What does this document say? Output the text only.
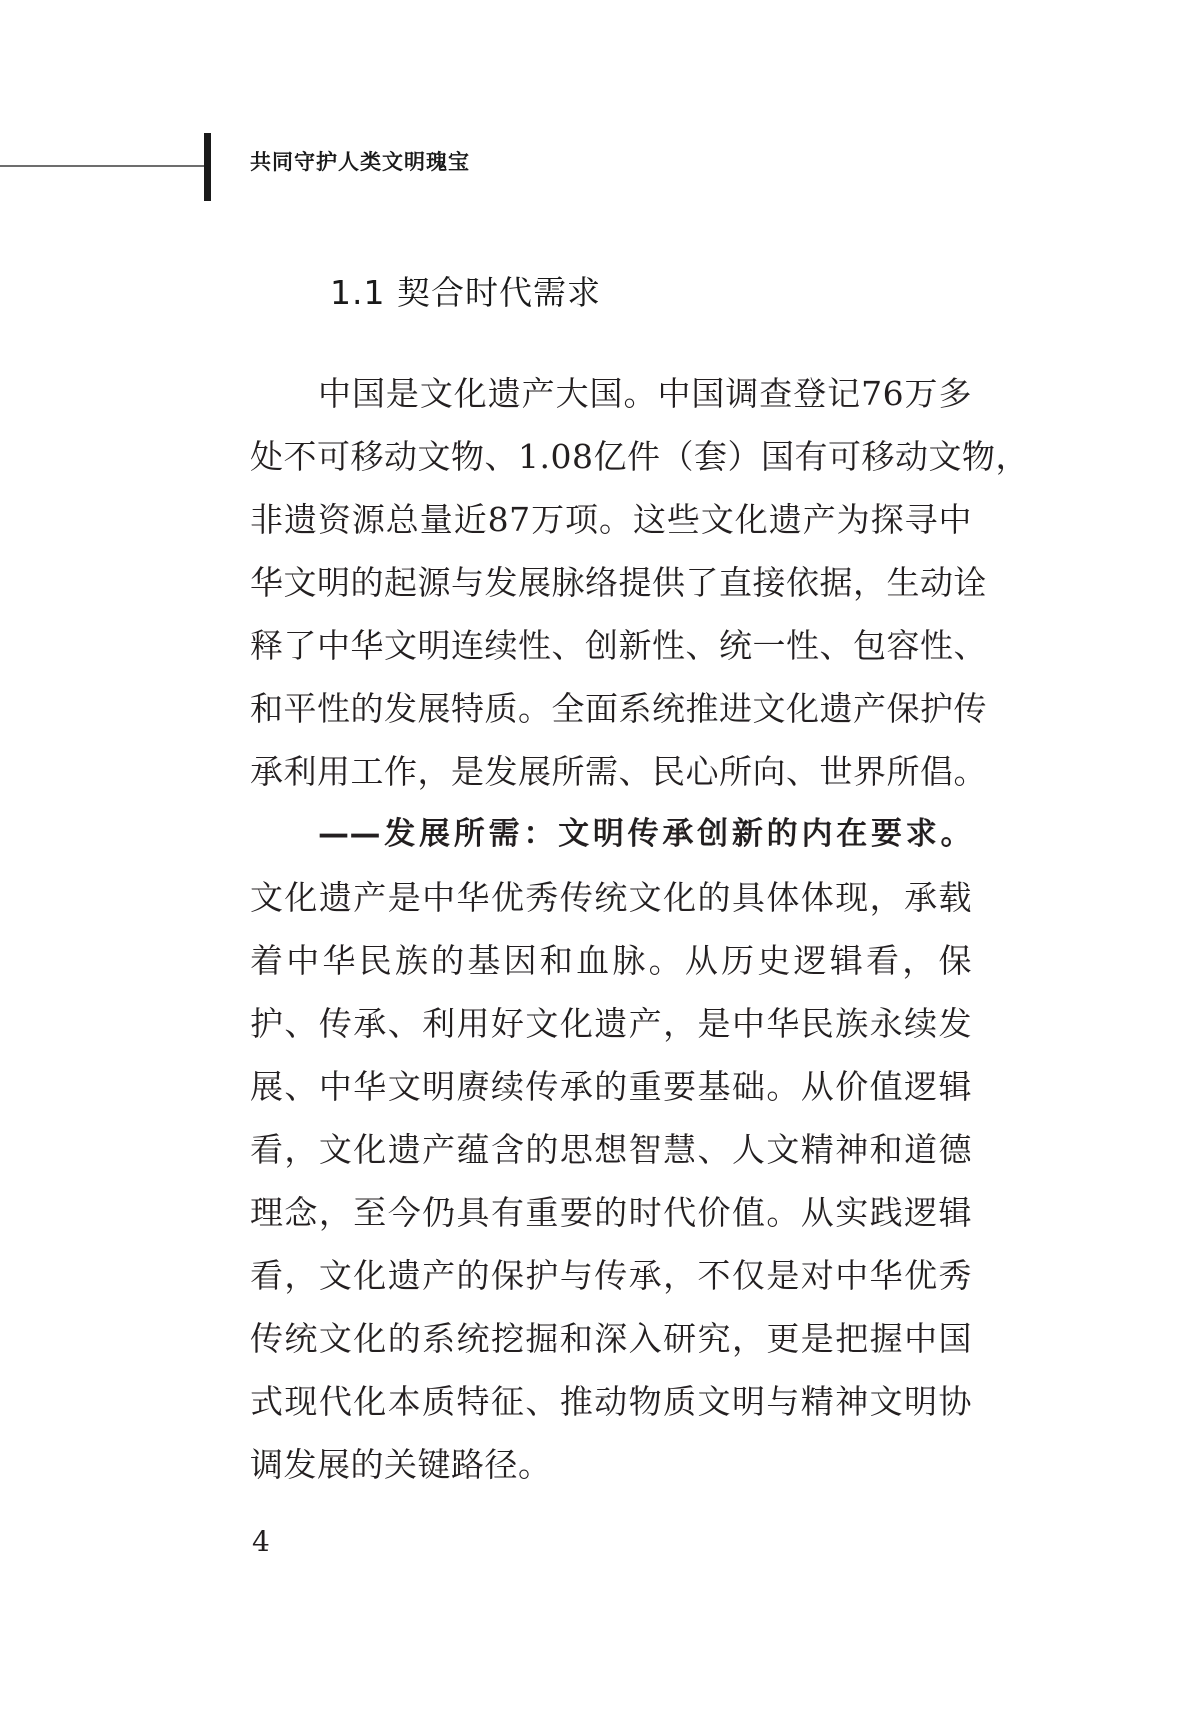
共同守护人类文明瑰宝
1.1 契合时代需求
中国是文化遗产大国。中国调查登记76万多
处不可移动文物、1.08亿件（套）国有可移动文物，
非遗资源总量近87万项。这些文化遗产为探寻中
华文明的起源与发展脉络提供了直接依据，生动诠
释了中华文明连续性、创新性、统一性、包容性、
和平性的发展特质。全面系统推进文化遗产保护传
承利用工作，是发展所需、民心所向、世界所倡。
——发展所需：文明传承创新的内在要求。
文化遗产是中华优秀传统文化的具体体现，承载
着中华民族的基因和血脉。从历史逻辑看，保
护、传承、利用好文化遗产，是中华民族永续发
展、中华文明赓续传承的重要基础。从价值逻辑
看，文化遗产蕴含的思想智慧、人文精神和道德
理念，至今仍具有重要的时代价值。从实践逻辑
看，文化遗产的保护与传承，不仅是对中华优秀
传统文化的系统挖掘和深入研究，更是把握中国
式现代化本质特征、推动物质文明与精神文明协
调发展的关键路径。
4
